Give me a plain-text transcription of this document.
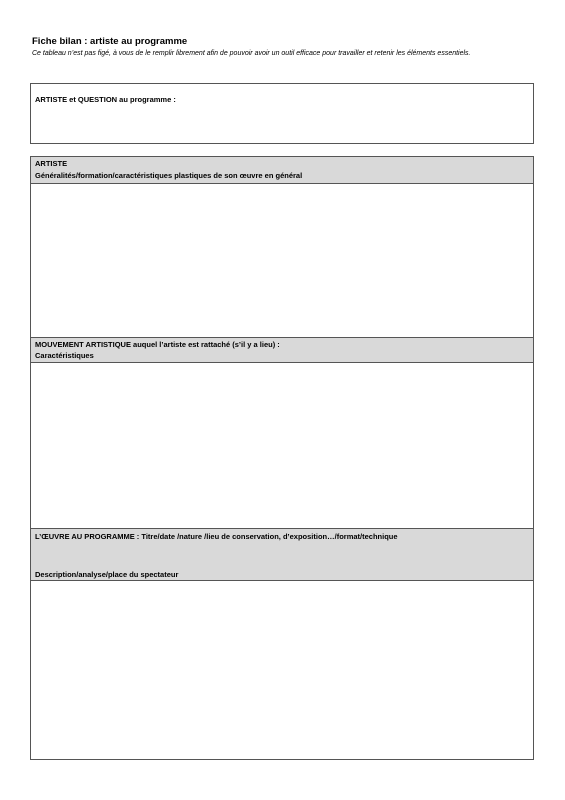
Fiche bilan : artiste au programme
Ce tableau n’est pas figé, à vous de le remplir librement afin de pouvoir avoir un outil efficace pour travailler et retenir les éléments essentiels.
ARTISTE et QUESTION au programme :
ARTISTE
Généralités/formation/caractéristiques plastiques de son œuvre en général
MOUVEMENT ARTISTIQUE auquel l’artiste est rattaché (s’il y a lieu) :
Caractéristiques
L’ŒUVRE AU PROGRAMME : Titre/date /nature /lieu de conservation, d’exposition…/format/technique
Description/analyse/place du spectateur
